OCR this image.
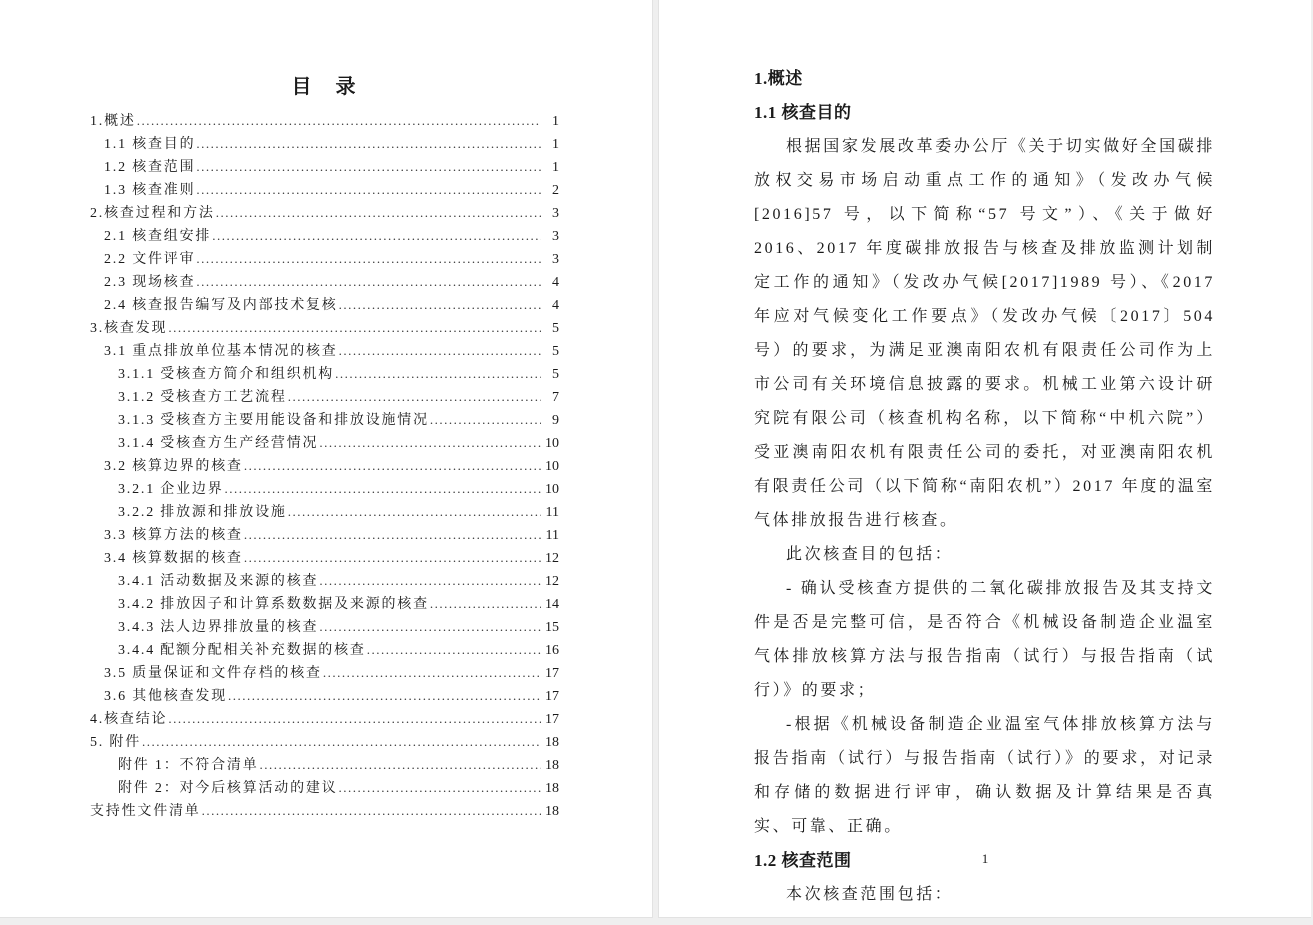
目　录
1.概述 .....	1
1.1 核查目的 .....	1
1.2 核查范围 .....	1
1.3 核查准则 .....	2
2.核查过程和方法 .....	3
2.1 核查组安排 .....	3
2.2 文件评审 .....	3
2.3 现场核查 .....	4
2.4 核查报告编写及内部技术复核 .....	4
3.核查发现 .....	5
3.1 重点排放单位基本情况的核查 .....	5
3.1.1 受核查方简介和组织机构 .....	5
3.1.2 受核查方工艺流程 .....	7
3.1.3 受核查方主要用能设备和排放设施情况 .....	9
3.1.4 受核查方生产经营情况 .....	10
3.2 核算边界的核查 .....	10
3.2.1 企业边界 .....	10
3.2.2 排放源和排放设施 .....	11
3.3 核算方法的核查 .....	11
3.4 核算数据的核查 .....	12
3.4.1 活动数据及来源的核查 .....	12
3.4.2 排放因子和计算系数数据及来源的核查 .....	14
3.4.3 法人边界排放量的核查 .....	15
3.4.4 配额分配相关补充数据的核查 .....	16
3.5 质量保证和文件存档的核查 .....	17
3.6 其他核查发现 .....	17
4.核查结论 .....	17
5. 附件 .....	18
附件 1：不符合清单 .....	18
附件 2：对今后核算活动的建议 .....	18
支持性文件清单 .....	18
1.概述
1.1 核查目的

根据国家发展改革委办公厅《关于切实做好全国碳排放权交易市场启动重点工作的通知》（发改办气候[2016]57 号，以下简称“57 号文”）、《关于做好 2016、2017 年度碳排放报告与核查及排放监测计划制定工作的通知》（发改办气候[2017]1989 号）、《2017 年应对气候变化工作要点》（发改办气候〔2017〕504 号）的要求，为满足亚澳南阳农机有限责任公司作为上市公司有关环境信息披露的要求。机械工业第六设计研究院有限公司（核查机构名称，以下简称“中机六院”）受亚澳南阳农机有限责任公司的委托，对亚澳南阳农机有限责任公司（以下简称“南阳农机”）2017 年度的温室气体排放报告进行核查。

此次核查目的包括：

- 确认受核查方提供的二氧化碳排放报告及其支持文件是否是完整可信，是否符合《机械设备制造企业温室气体排放核算方法与报告指南（试行）与报告指南（试行）》的要求；

-根据《机械设备制造企业温室气体排放核算方法与报告指南（试行）与报告指南（试行）》的要求，对记录和存储的数据进行评审，确认数据及计算结果是否真实、可靠、正确。

1.2 核查范围

本次核查范围包括：

1
